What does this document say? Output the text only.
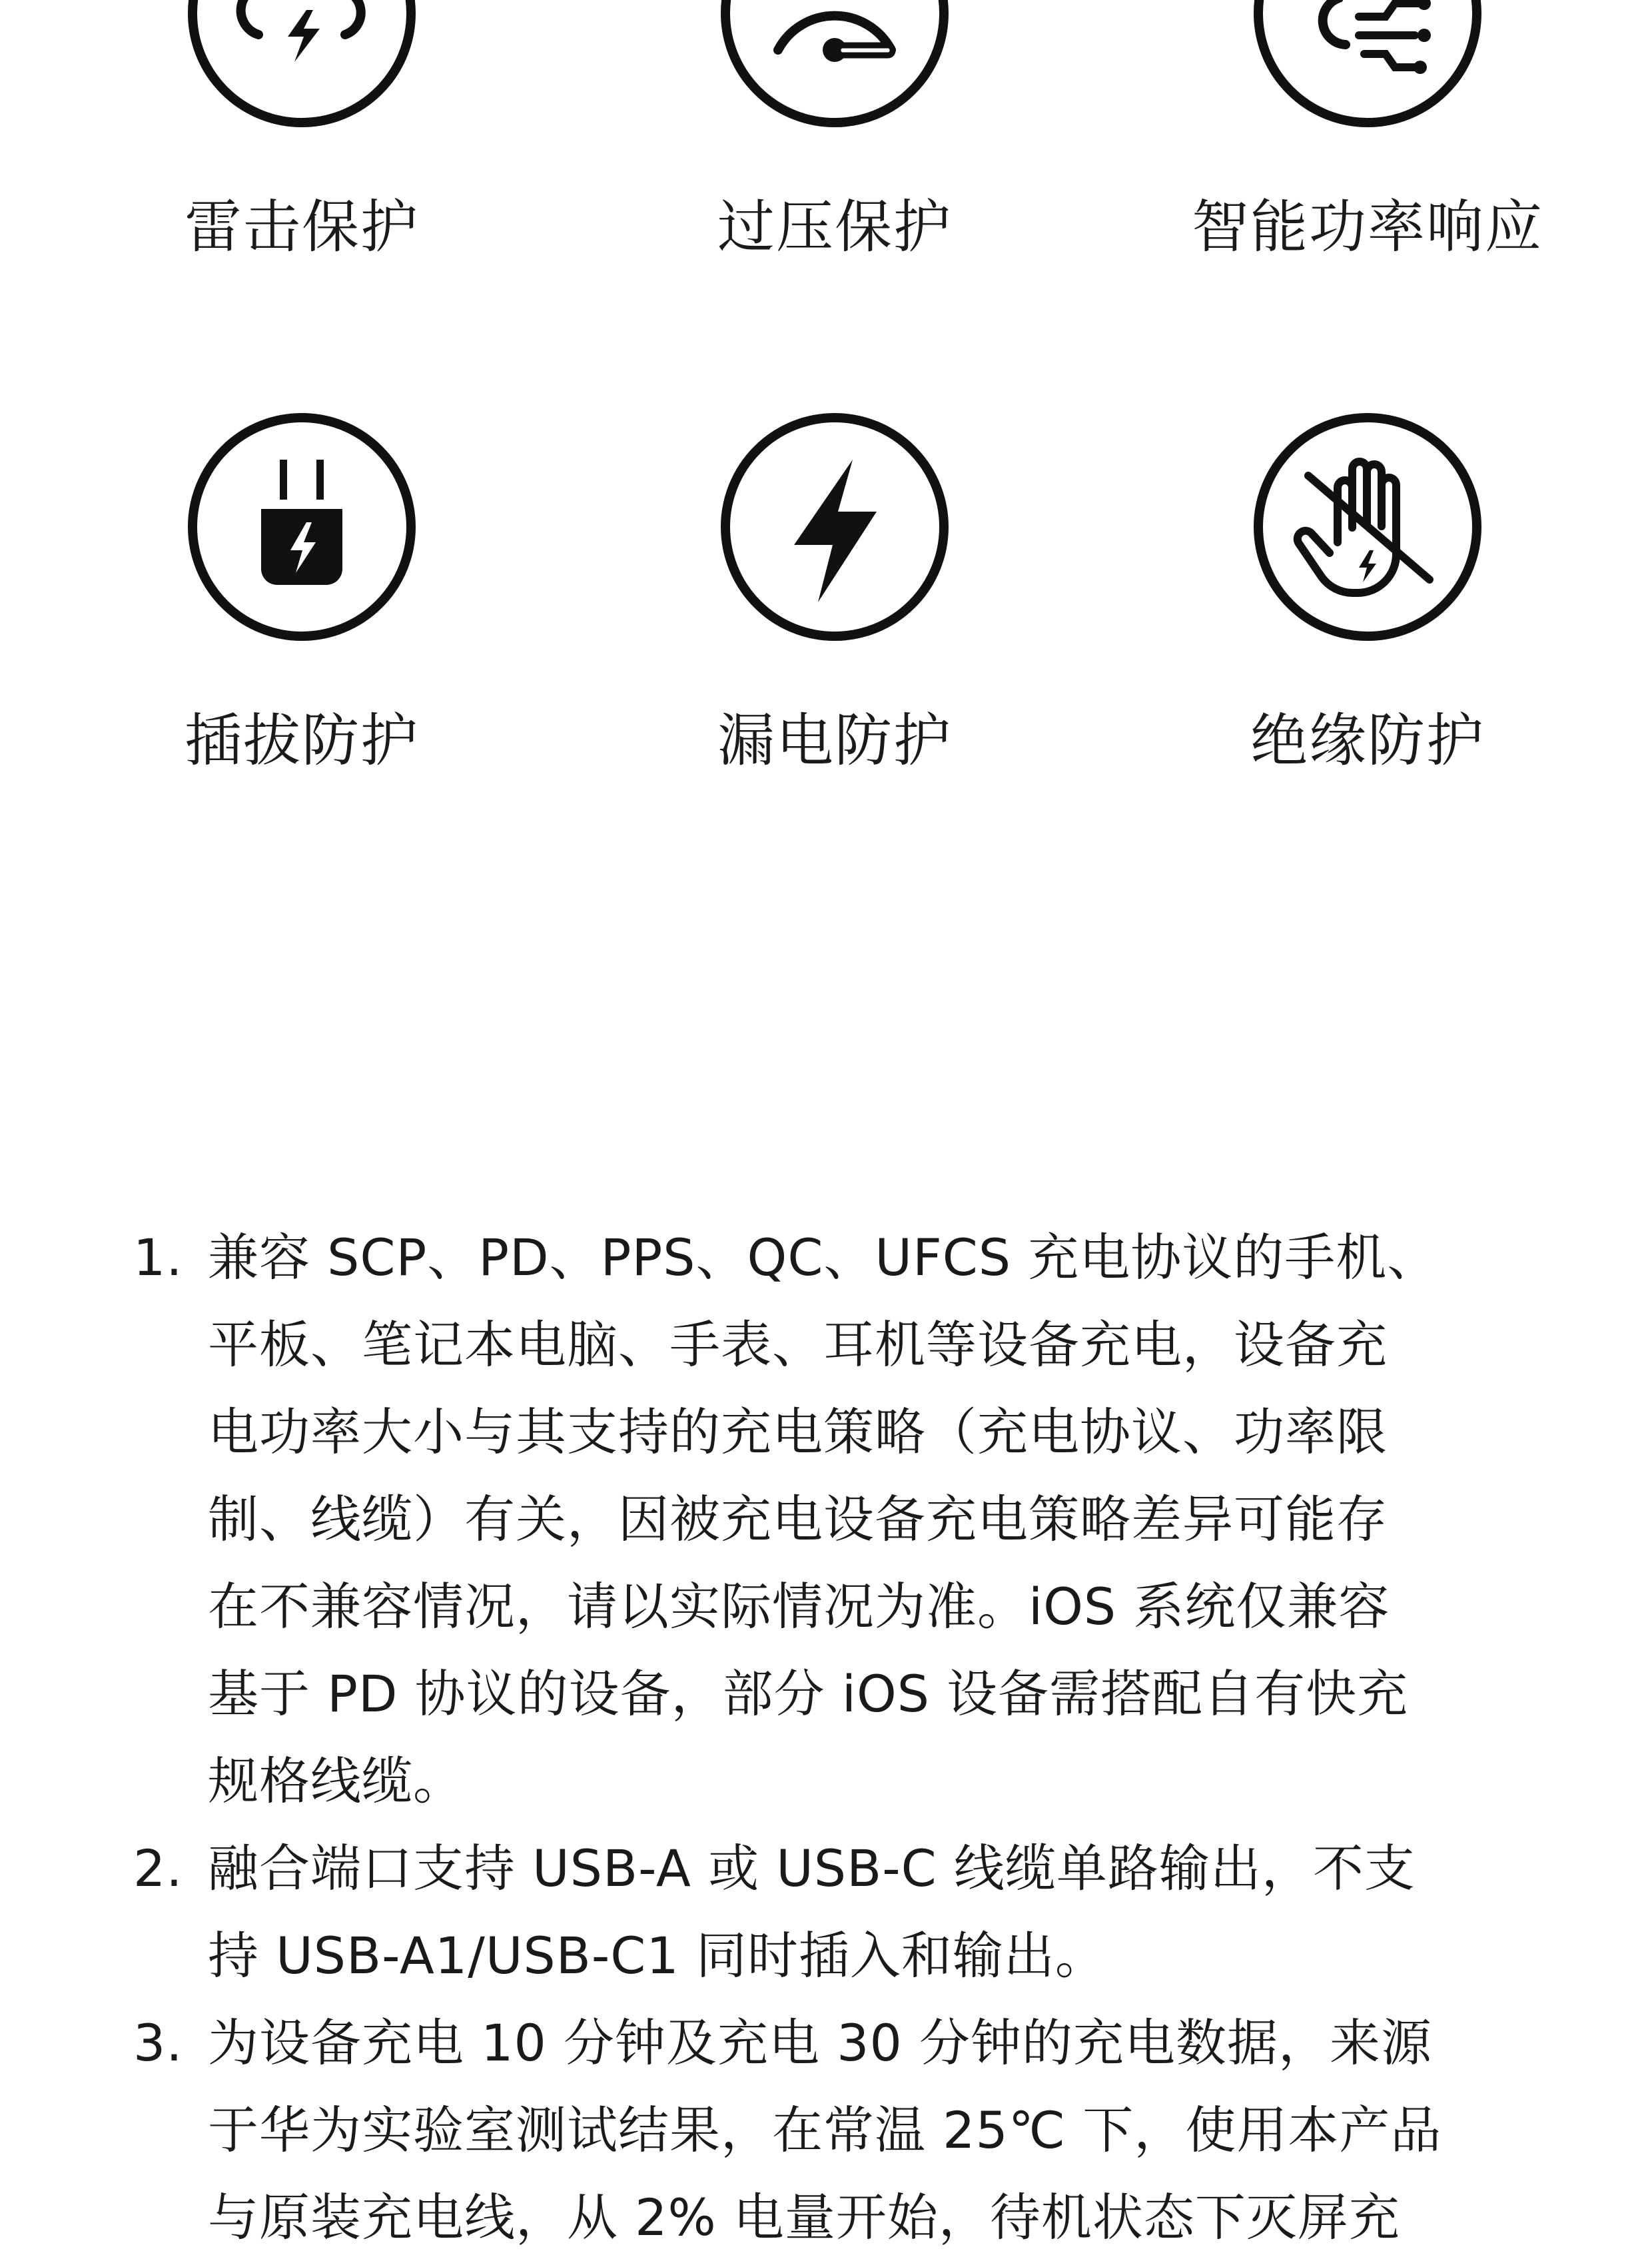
雷击保护	过压保护	智能功率响应
插拔防护	漏电防护	绝缘防护
1. 兼容 SCP、PD、PPS、QC、UFCS 充电协议的手机、
平板、笔记本电脑、手表、耳机等设备充电，设备充
电功率大小与其支持的充电策略（充电协议、功率限
制、线缆）有关，因被充电设备充电策略差异可能存
在不兼容情况，请以实际情况为准。iOS 系统仅兼容
基于 PD 协议的设备，部分 iOS 设备需搭配自有快充
规格线缆。
2. 融合端口支持 USB-A 或 USB-C 线缆单路输出，不支
持 USB-A1/USB-C1 同时插入和输出。
3. 为设备充电 10 分钟及充电 30 分钟的充电数据，来源
于华为实验室测试结果，在常温 25℃ 下，使用本产品
与原装充电线，从 2% 电量开始，待机状态下灭屏充
